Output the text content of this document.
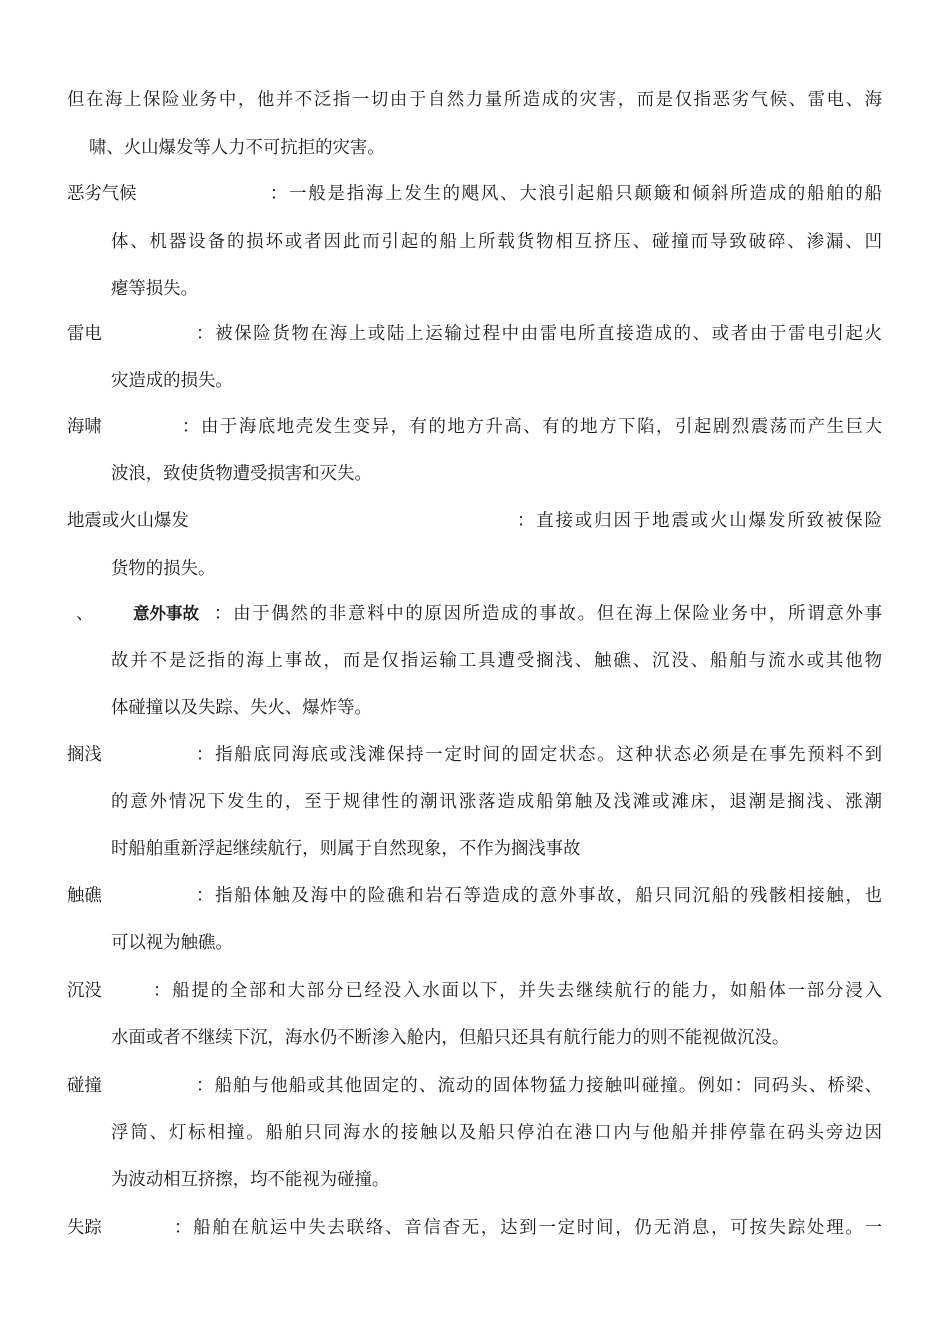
但在海上保险业务中，他并不泛指一切由于自然力量所造成的灾害，而是仅指恶劣气候、雷电、海
啸、火山爆发等人力不可抗拒的灾害。
恶劣气候	：一般是指海上发生的飓风、大浪引起船只颠簸和倾斜所造成的船舶的船
体、机器设备的损坏或者因此而引起的船上所载货物相互挤压、碰撞而导致破碎、渗漏、凹
瘪等损失。
雷电	：被保险货物在海上或陆上运输过程中由雷电所直接造成的、或者由于雷电引起火
灾造成的损失。
海啸	：由于海底地壳发生变异，有的地方升高、有的地方下陷，引起剧烈震荡而产生巨大
波浪，致使货物遭受损害和灭失。
地震或火山爆发	：直接或归因于地震或火山爆发所致被保险
货物的损失。
、 意外事故 ：由于偶然的非意料中的原因所造成的事故。但在海上保险业务中，所谓意外事
故并不是泛指的海上事故，而是仅指运输工具遭受搁浅、触礁、沉没、船舶与流水或其他物
体碰撞以及失踪、失火、爆炸等。
搁浅	：指船底同海底或浅滩保持一定时间的固定状态。这种状态必须是在事先预料不到
的意外情况下发生的，至于规律性的潮讯涨落造成船第触及浅滩或滩床，退潮是搁浅、涨潮
时船舶重新浮起继续航行，则属于自然现象，不作为搁浅事故
触礁	：指船体触及海中的险礁和岩石等造成的意外事故，船只同沉船的残骸相接触，也
可以视为触礁。
沉没	：船提的全部和大部分已经没入水面以下，并失去继续航行的能力，如船体一部分浸入
水面或者不继续下沉，海水仍不断渗入舱内，但船只还具有航行能力的则不能视做沉没。
碰撞	：船舶与他船或其他固定的、流动的固体物猛力接触叫碰撞。例如：同码头、桥梁、
浮筒、灯标相撞。船舶只同海水的接触以及船只停泊在港口内与他船并排停靠在码头旁边因
为波动相互挤擦，均不能视为碰撞。
失踪	：船舶在航运中失去联络、音信杳无，达到一定时间，仍无消息，可按失踪处理。一
